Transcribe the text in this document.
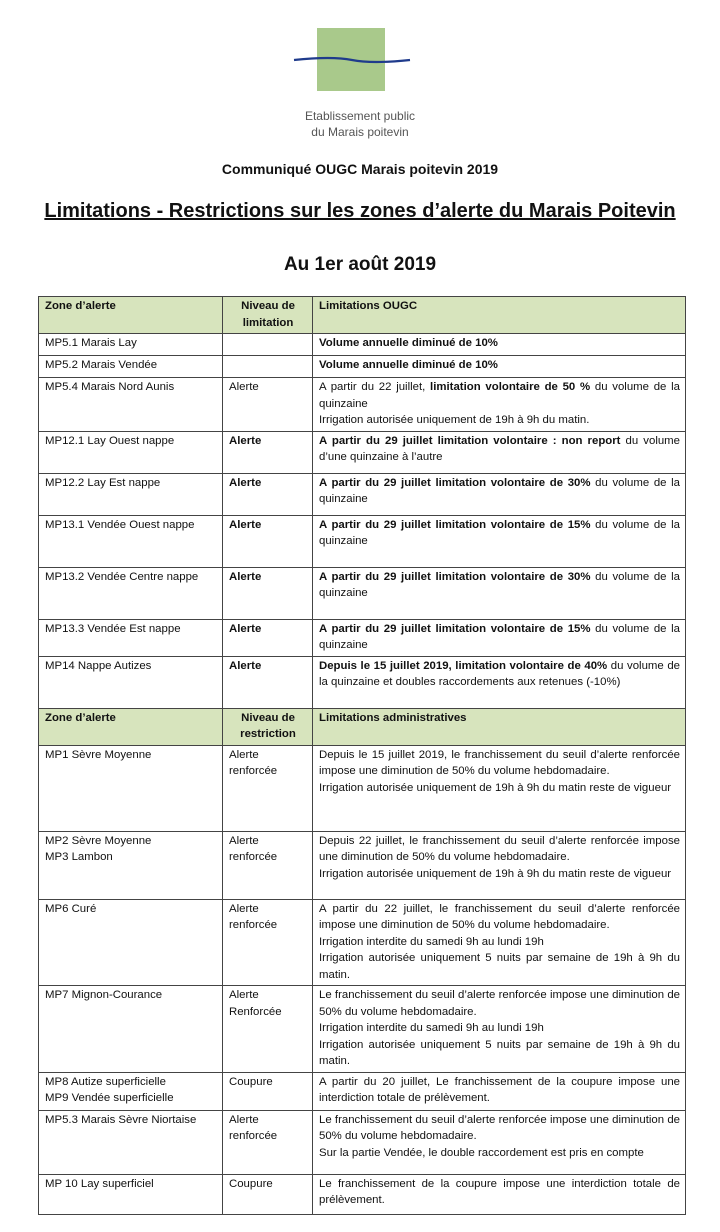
Etablissement public
du Marais poitevin
Communiqué OUGC Marais poitevin 2019
Limitations - Restrictions sur les zones d’alerte du Marais Poitevin
Au 1er août 2019
Zone d’alerte	Niveau de limitation	Limitations OUGC
MP5.1 Marais Lay		Volume annuelle diminué de 10%
MP5.2 Marais Vendée		Volume annuelle diminué de 10%
MP5.4 Marais Nord Aunis	Alerte	A partir du 22 juillet, limitation volontaire de 50 % du volume de la quinzaine
Irrigation autorisée uniquement de 19h à 9h du matin.

MP12.1 Lay Ouest nappe	Alerte	A partir du 29 juillet limitation volontaire : non report du volume d’une quinzaine à l’autre
MP12.2 Lay Est nappe	Alerte	A partir du 29 juillet limitation volontaire de 30% du volume de la quinzaine
MP13.1 Vendée Ouest nappe	Alerte	A partir du 29 juillet limitation volontaire de 15% du volume de la quinzaine
MP13.2 Vendée Centre nappe	Alerte	A partir du 29 juillet limitation volontaire de 30% du volume de la quinzaine
MP13.3 Vendée Est nappe	Alerte	A partir du 29 juillet limitation volontaire de 15% du volume de la quinzaine
MP14 Nappe Autizes	Alerte	Depuis le 15 juillet 2019, limitation volontaire de 40% du volume de la quinzaine et doubles raccordements aux retenues (-10%)
Zone d’alerte	Niveau de restriction	Limitations administratives

MP1 Sèvre Moyenne	Alerte renforcée	Depuis le 15 juillet 2019, le franchissement du seuil d’alerte renforcée impose une diminution de 50% du volume hebdomadaire.
Irrigation autorisée uniquement de 19h à 9h du matin reste de vigueur

MP2 Sèvre Moyenne
MP3 Lambon	Alerte renforcée	Depuis 22 juillet, le franchissement du seuil d’alerte renforcée impose une diminution de 50% du volume hebdomadaire.
Irrigation autorisée uniquement de 19h à 9h du matin reste de vigueur

MP6 Curé	Alerte renforcée	A partir du 22 juillet, le franchissement du seuil d’alerte renforcée impose une diminution de 50% du volume hebdomadaire.
Irrigation interdite du samedi 9h au lundi 19h
Irrigation autorisée uniquement 5 nuits par semaine de 19h à 9h du matin.

MP7 Mignon-Courance	Alerte Renforcée	Le franchissement du seuil d’alerte renforcée impose une diminution de 50% du volume hebdomadaire.
Irrigation interdite du samedi 9h au lundi 19h
Irrigation autorisée uniquement 5 nuits par semaine de 19h à 9h du matin.

MP8 Autize superficielle
MP9 Vendée superficielle	Coupure	A partir du 20 juillet, Le franchissement de la coupure impose une interdiction totale de prélèvement.

MP5.3 Marais Sèvre Niortaise	Alerte renforcée	Le franchissement du seuil d’alerte renforcée impose une diminution de 50% du volume hebdomadaire.
Sur la partie Vendée, le double raccordement est pris en compte

MP 10 Lay superficiel	Coupure	Le franchissement de la coupure impose une interdiction totale de prélèvement.
